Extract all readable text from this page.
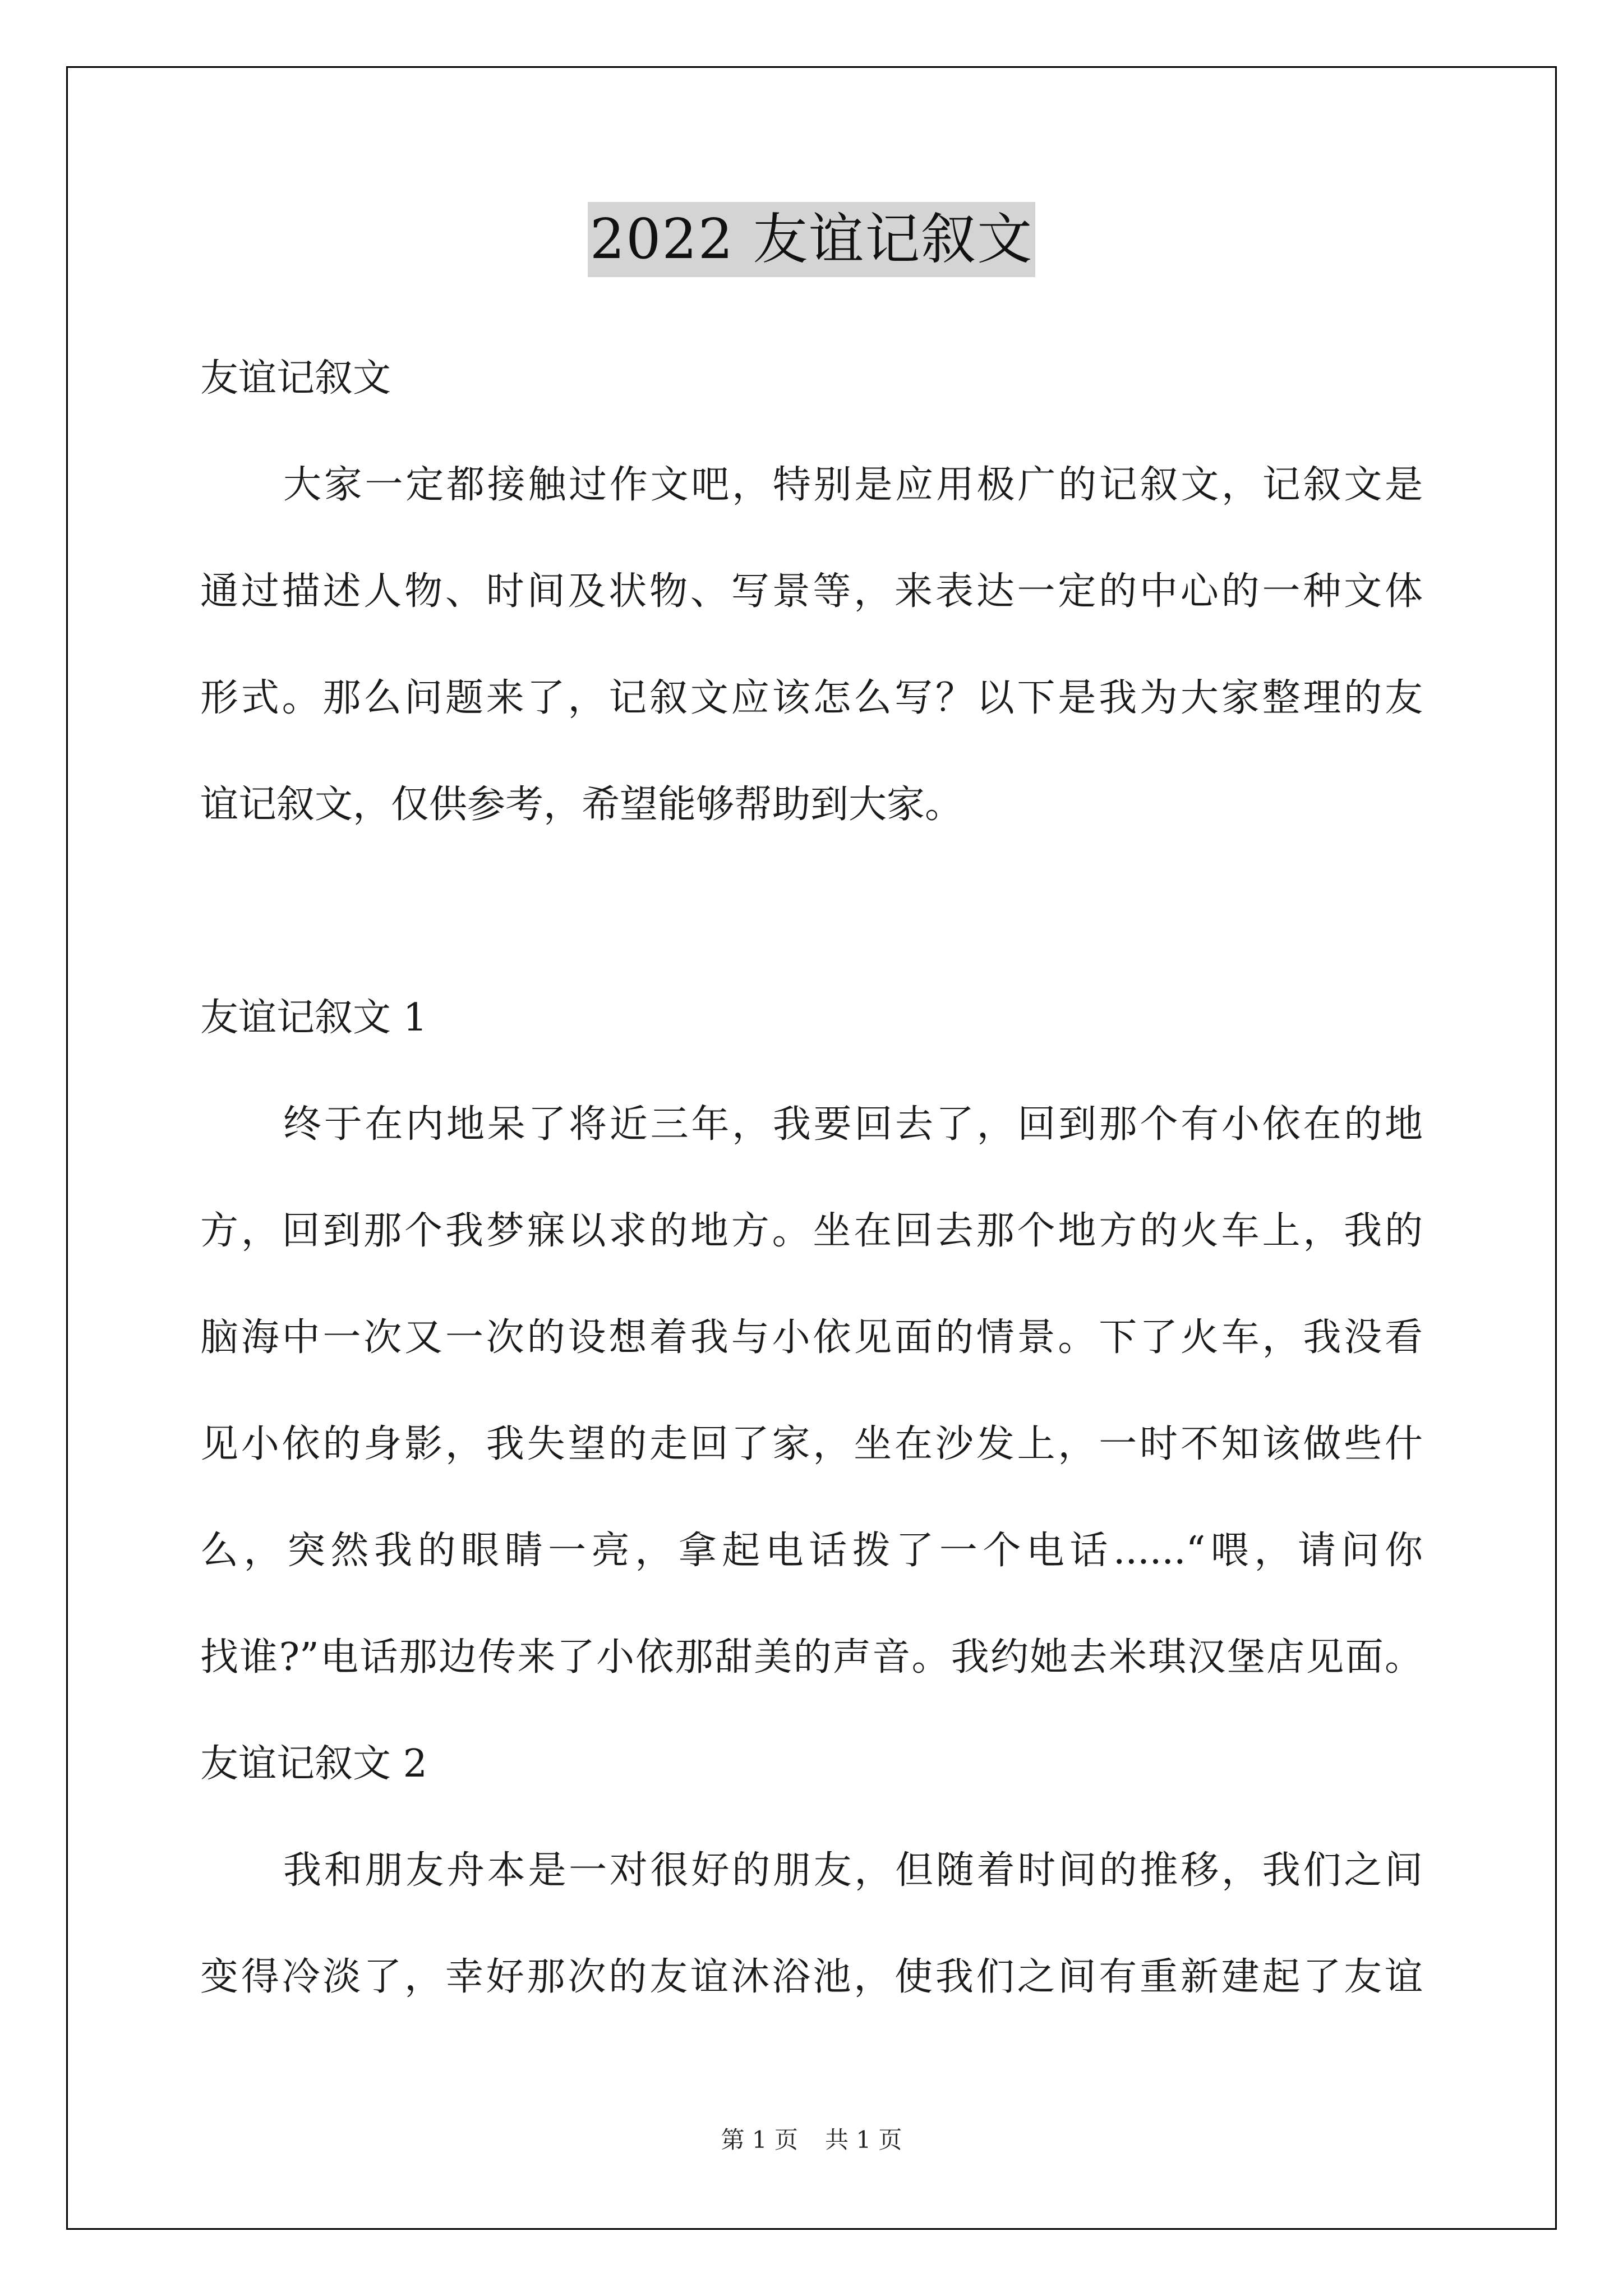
2022 友谊记叙文
友谊记叙文
大家一定都接触过作文吧，特别是应用极广的记叙文，记叙文是
通过描述人物、时间及状物、写景等，来表达一定的中心的一种文体
形式。那么问题来了，记叙文应该怎么写？以下是我为大家整理的友
谊记叙文，仅供参考，希望能够帮助到大家。
友谊记叙文 1
终于在内地呆了将近三年，我要回去了，回到那个有小依在的地
方，回到那个我梦寐以求的地方。坐在回去那个地方的火车上，我的
脑海中一次又一次的设想着我与小依见面的情景。下了火车，我没看
见小依的身影，我失望的走回了家，坐在沙发上，一时不知该做些什
么，突然我的眼睛一亮，拿起电话拨了一个电话......“喂，请问你
找谁?”电话那边传来了小依那甜美的声音。我约她去米琪汉堡店见面。
友谊记叙文 2
我和朋友舟本是一对很好的朋友，但随着时间的推移，我们之间
变得冷淡了，幸好那次的友谊沐浴池，使我们之间有重新建起了友谊
第 1 页 共 1 页
